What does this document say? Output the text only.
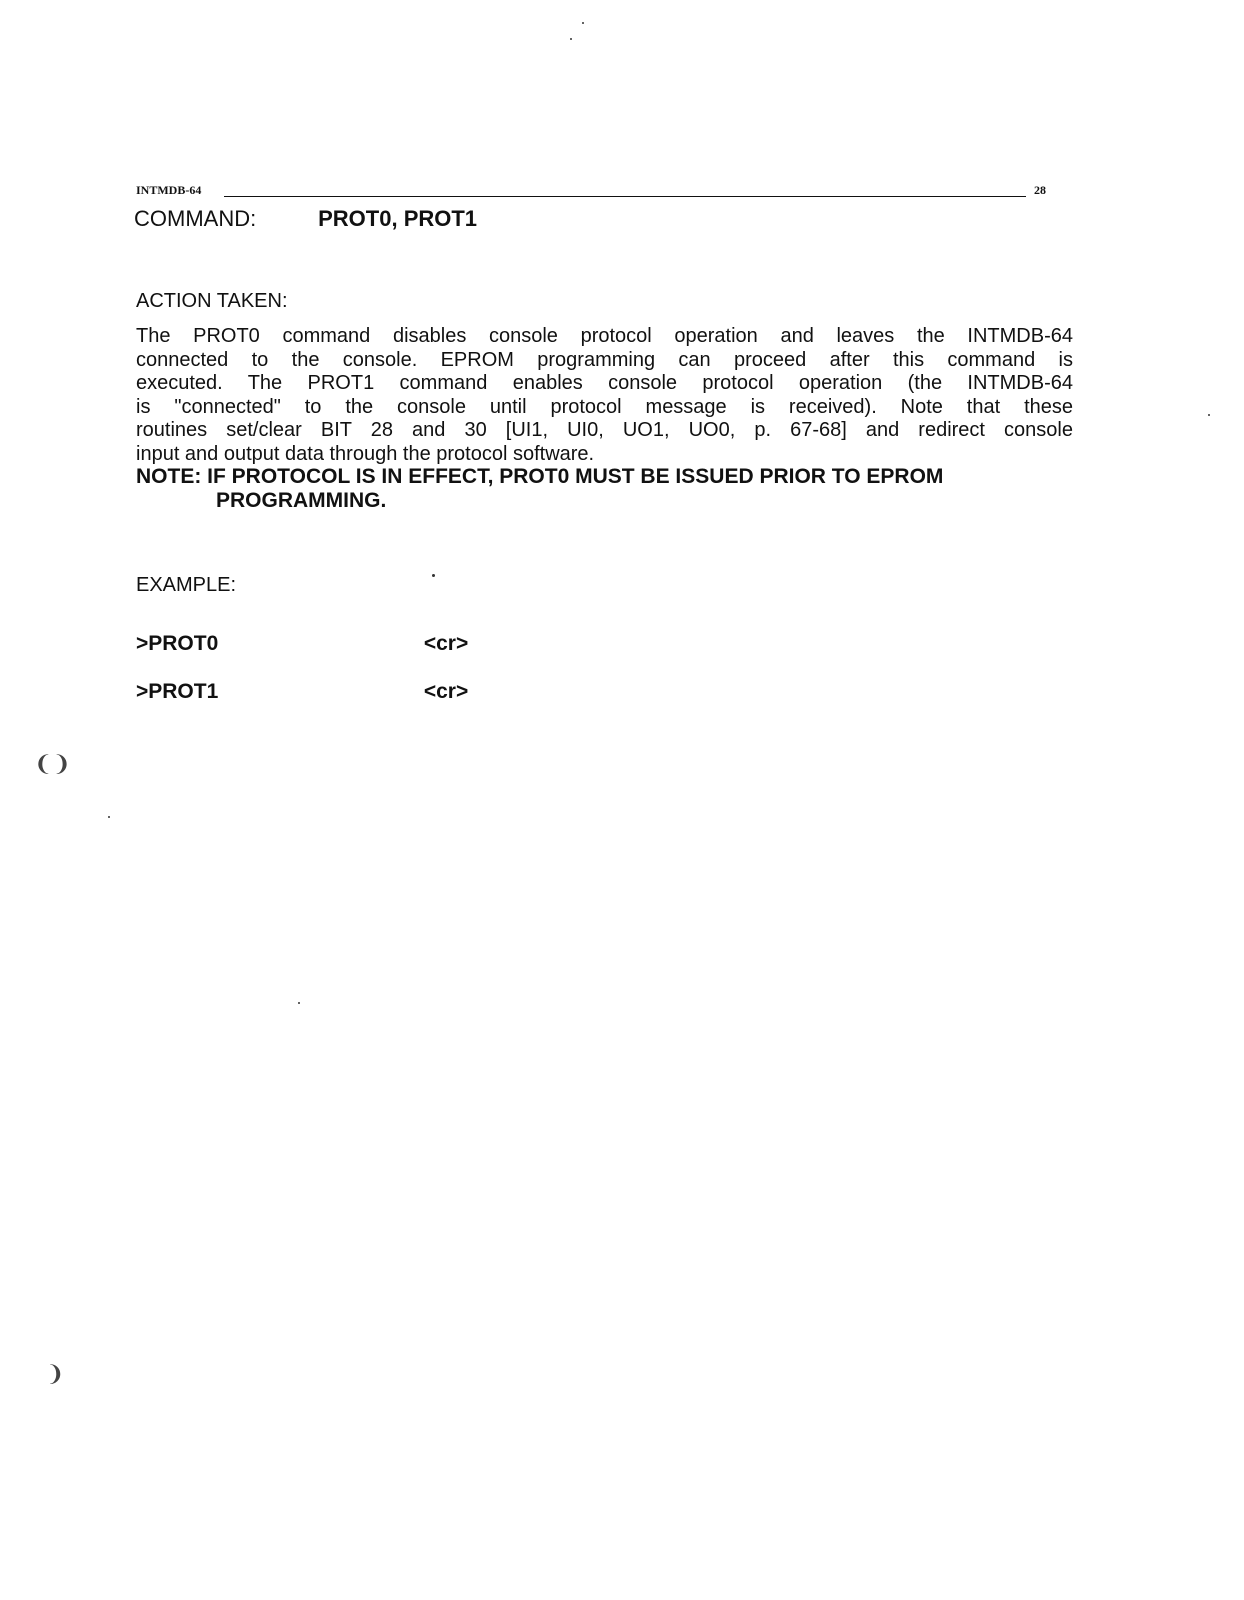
INTMDB-64	28
COMMAND:	PROT0, PROT1
ACTION TAKEN:
The PROT0 command disables console protocol operation and leaves the INTMDB-64
connected to the console. EPROM programming can proceed after this command is
executed. The PROT1 command enables console protocol operation (the INTMDB-64
is "connected" to the console until protocol message is received). Note that these
routines set/clear BIT 28 and 30 [UI1, UI0, UO1, UO0, p. 67-68] and redirect console
input and output data through the protocol software.
NOTE: IF PROTOCOL IS IN EFFECT, PROT0 MUST BE ISSUED PRIOR TO EPROM
PROGRAMMING.
EXAMPLE:
>PROT0	<cr>
>PROT1	<cr>
❨❩
❩
